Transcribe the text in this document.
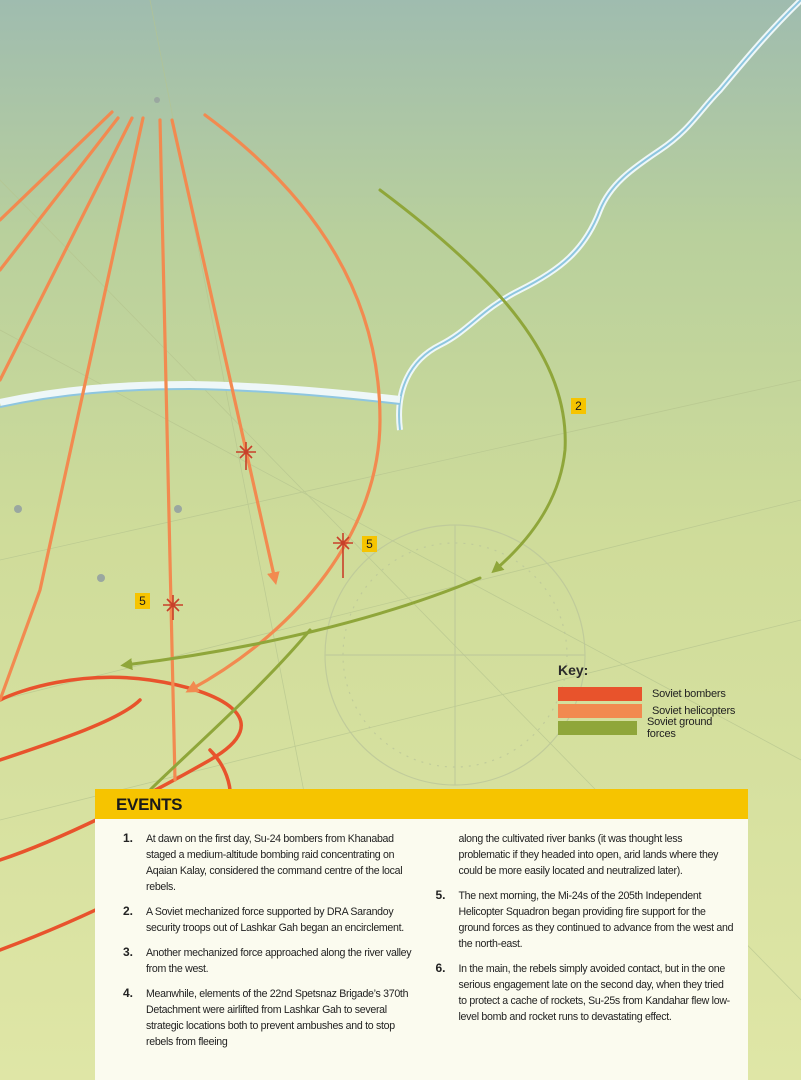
2
5
5
Key:
Soviet bombers
Soviet helicopters
Soviet ground forces
EVENTS
1.	At dawn on the first day, Su-24 bombers from Khanabad staged a medium-altitude bombing raid concentrating on Aqaian Kalay, considered the command centre of the local rebels.
2.	A Soviet mechanized force supported by DRA Sarandoy security troops out of Lashkar Gah began an encirclement.
3.	Another mechanized force approached along the river valley from the west.
4.	Meanwhile, elements of the 22nd Spetsnaz Brigade’s 370th Detachment were airlifted from Lashkar Gah to several strategic locations both to prevent ambushes and to stop rebels from fleeing
along the cultivated river banks (it was thought less problematic if they headed into open, arid lands where they could be more easily located and neutralized later).
5.	The next morning, the Mi-24s of the 205th Independent Helicopter Squadron began providing fire support for the ground forces as they continued to advance from the west and the north-east.
6.	In the main, the rebels simply avoided contact, but in the one serious engagement late on the second day, when they tried to protect a cache of rockets, Su-25s from Kandahar flew low-level bomb and rocket runs to devastating effect.
